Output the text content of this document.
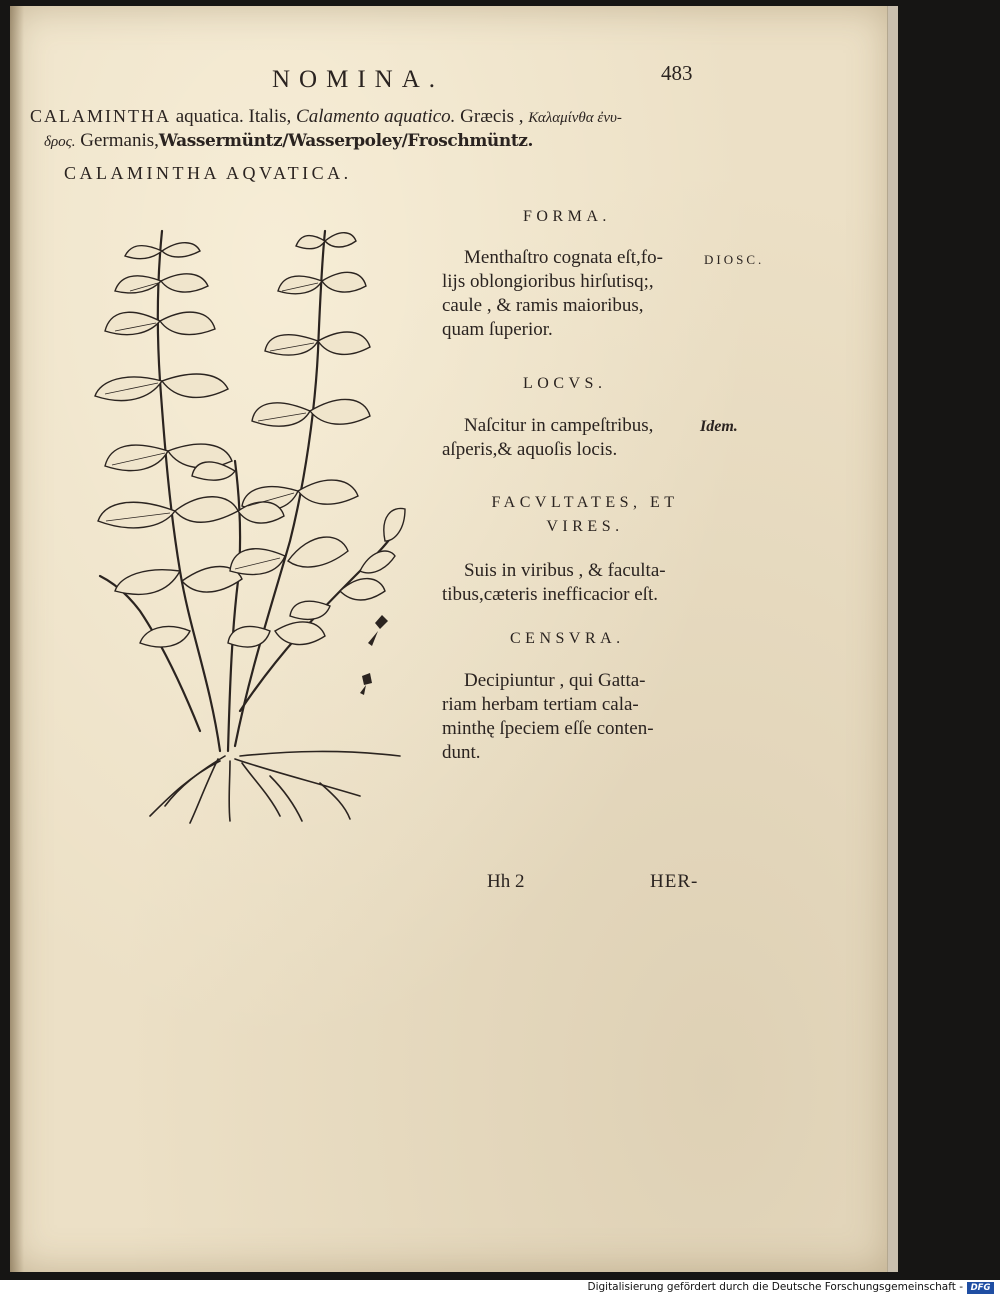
NOMINA.	483
CALAMINTHA aquatica. Italis, Calamento aquatico. Græcis , Καλαμίνθα ἐνυ-
δρος. Germanis,Wassermüntz/Wasserpoley/Froschmüntz.
CALAMINTHA AQVATICA.
FORMA.
Menthaſtro cognata eſt,fo-
lijs oblongioribus hirſutisq;,
caule , & ramis maioribus,
quam ſuperior.
DIOSC.
LOCVS.
Naſcitur in campeſtribus,
aſperis,& aquoſis locis.
Idem.
FACVLTATES, ET
VIRES.
Suis in viribus , & faculta-
tibus,cæteris inefficacior eſt.
CENSVRA.
Decipiuntur , qui Gatta-
riam herbam tertiam cala-
minthę ſpeciem eſſe conten-
dunt.
Hh 2	HER-
Digitalisierung gefördert durch die Deutsche Forschungsgemeinschaft - DFG
